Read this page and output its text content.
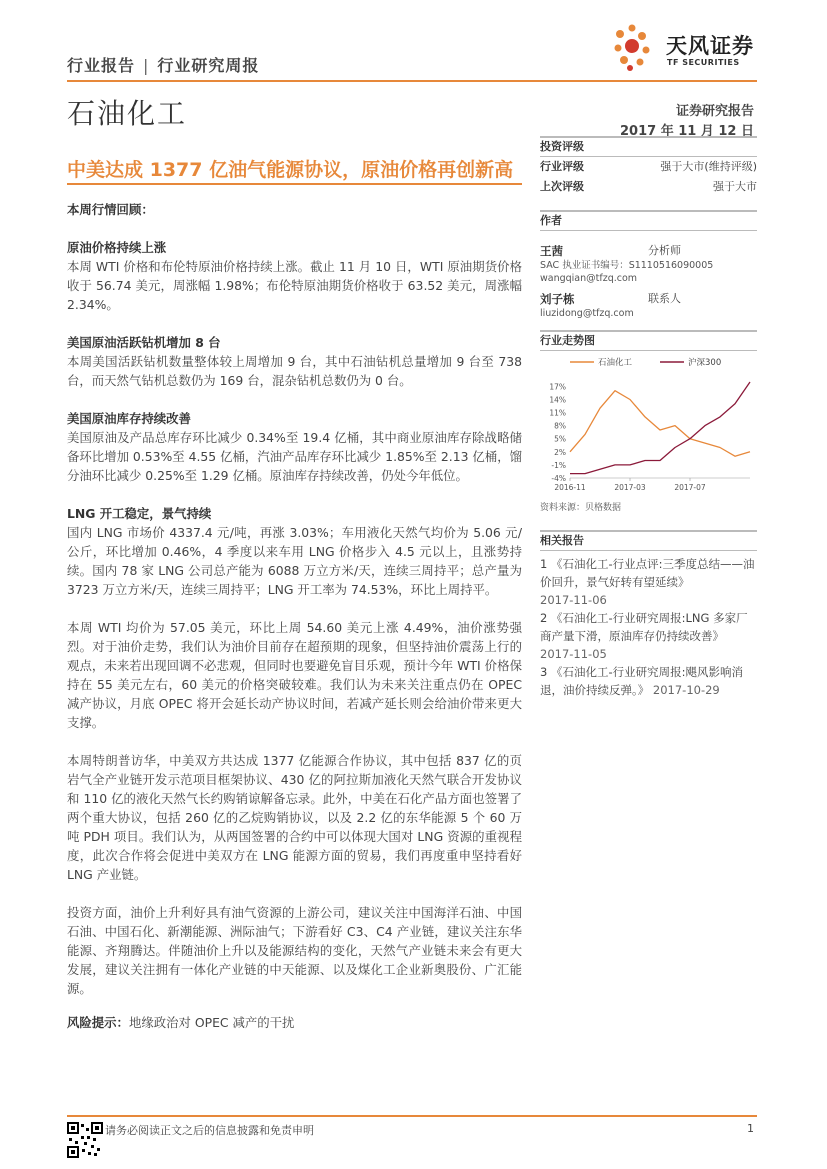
行业报告 | 行业研究周报
天风证券
TF SECURITIES
石油化工	证券研究报告
2017 年 11 月 12 日
中美达成 1377 亿油气能源协议，原油价格再创新高
本周行情回顾：
原油价格持续上涨

本周 WTI 价格和布伦特原油价格持续上涨。截止 11 月 10 日，WTI 原油期货价格收于 56.74 美元，周涨幅 1.98%；布伦特原油期货价格收于 63.52 美元，周涨幅 2.34%。

美国原油活跃钻机增加 8 台

本周美国活跃钻机数量整体较上周增加 9 台，其中石油钻机总量增加 9 台至 738 台，而天然气钻机总数仍为 169 台，混杂钻机总数仍为 0 台。

美国原油库存持续改善

美国原油及产品总库存环比减少 0.34%至 19.4 亿桶，其中商业原油库存除战略储备环比增加 0.53%至 4.55 亿桶，汽油产品库存环比减少 1.85%至 2.13 亿桶，馏分油环比减少 0.25%至 1.29 亿桶。原油库存持续改善，仍处今年低位。

LNG 开工稳定，景气持续

国内 LNG 市场价 4337.4 元/吨，再涨 3.03%；车用液化天然气均价为 5.06 元/公斤，环比增加 0.46%，4 季度以来车用 LNG 价格步入 4.5 元以上，且涨势持续。国内 78 家 LNG 公司总产能为 6088 万立方米/天，连续三周持平；总产量为 3723 万立方米/天，连续三周持平；LNG 开工率为 74.53%，环比上周持平。

本周 WTI 均价为 57.05 美元，环比上周 54.60 美元上涨 4.49%，油价涨势强烈。对于油价走势，我们认为油价目前存在超预期的现象，但坚持油价震荡上行的观点，未来若出现回调不必悲观，但同时也要避免盲目乐观，预计今年 WTI 价格保持在 55 美元左右，60 美元的价格突破较难。我们认为未来关注重点仍在 OPEC 减产协议，月底 OPEC 将开会延长动产协议时间，若减产延长则会给油价带来更大支撑。

本周特朗普访华，中美双方共达成 1377 亿能源合作协议，其中包括 837 亿的页岩气全产业链开发示范项目框架协议、430 亿的阿拉斯加液化天然气联合开发协议和 110 亿的液化天然气长约购销谅解备忘录。此外，中美在石化产品方面也签署了两个重大协议，包括 260 亿的乙烷购销协议，以及 2.2 亿的东华能源 5 个 60 万吨 PDH 项目。我们认为，从两国签署的合约中可以体现大国对 LNG 资源的重视程度，此次合作将会促进中美双方在 LNG 能源方面的贸易，我们再度重申坚持看好 LNG 产业链。

投资方面，油价上升利好具有油气资源的上游公司，建议关注中国海洋石油、中国石油、中国石化、新潮能源、洲际油气；下游看好 C3、C4 产业链，建议关注东华能源、齐翔腾达。伴随油价上升以及能源结构的变化，天然气产业链未来会有更大发展，建议关注拥有一体化产业链的中天能源、以及煤化工企业新奥股份、广汇能源。

风险提示：地缘政治对 OPEC 减产的干扰
投资评级
行业评级	强于大市(维持评级)
上次评级	强于大市
作者
王茜	分析师
SAC 执业证书编号：S1110516090005
wangqian@tfzq.com
刘子栋	联系人
liuzidong@tfzq.com
行业走势图
石油化工	沪深300
-4%
-1%
2%
5%
8%
11%
14%
17%
2016-11	2017-03	2017-07
资料来源：贝格数据
相关报告
1 《石油化工-行业点评:三季度总结——油价回升，景气好转有望延续》
2017-11-06
2 《石油化工-行业研究周报:LNG 多家厂商产量下滑，原油库存仍持续改善》
2017-11-05
3 《石油化工-行业研究周报:飓风影响消退，油价持续反弹。》 2017-10-29
请务必阅读正文之后的信息披露和免责申明	1
